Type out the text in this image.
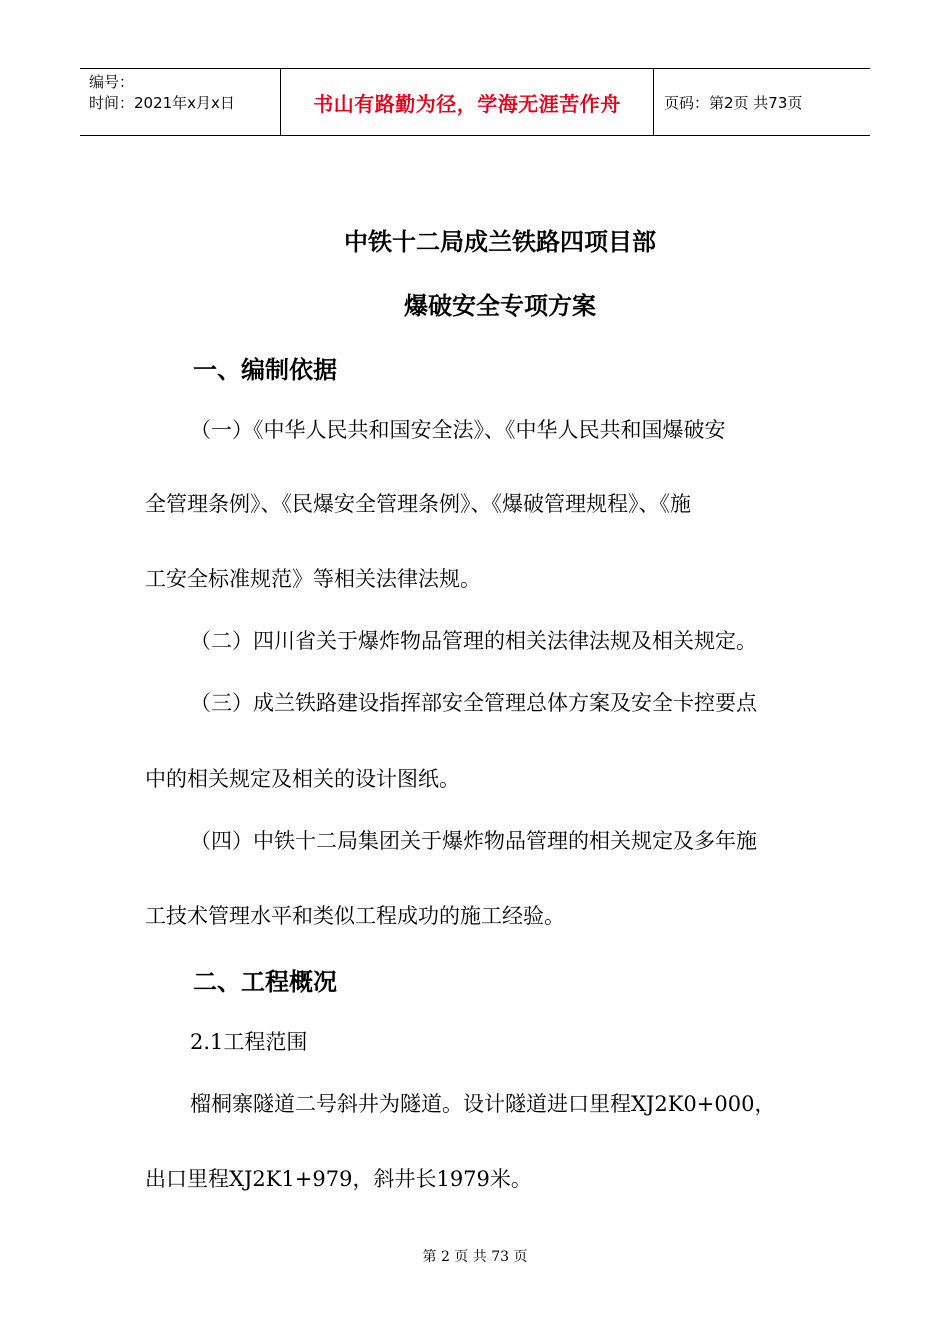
编号：
时间：2021年x月x日	书山有路勤为径，学海无涯苦作舟	页码：第2页 共73页
中铁十二局成兰铁路四项目部
爆破安全专项方案
一、编制依据
（一）《中华人民共和国安全法》、《中华人民共和国爆破安
全管理条例》、《民爆安全管理条例》、《爆破管理规程》、《施
工安全标准规范》等相关法律法规。
（二）四川省关于爆炸物品管理的相关法律法规及相关规定。
（三）成兰铁路建设指挥部安全管理总体方案及安全卡控要点
中的相关规定及相关的设计图纸。
（四）中铁十二局集团关于爆炸物品管理的相关规定及多年施
工技术管理水平和类似工程成功的施工经验。
二、工程概况
2.1工程范围
榴桐寨隧道二号斜井为隧道。设计隧道进口里程XJ2K0+000，
出口里程XJ2K1+979，斜井长1979米。
第 2 页 共 73 页
